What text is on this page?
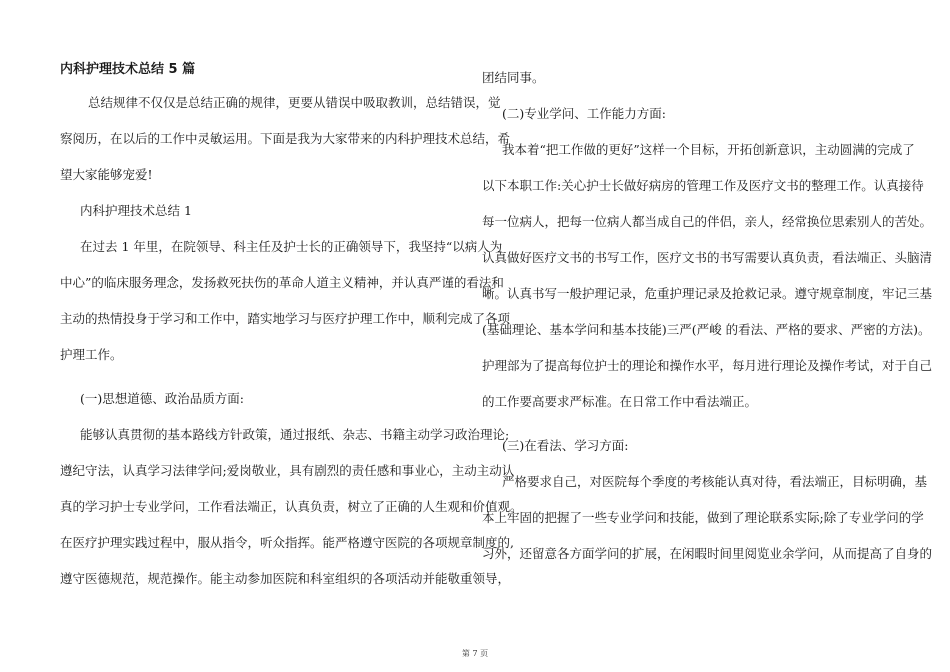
内科护理技术总结 5 篇
总结规律不仅仅是总结正确的规律，更要从错误中吸取教训，总结错误，觉
察阅历，在以后的工作中灵敏运用。下面是我为大家带来的内科护理技术总结，希
望大家能够宠爱!
内科护理技术总结 1
在过去 1 年里，在院领导、科主任及护士长的正确领导下，我坚持“以病人为
中心”的临床服务理念，发扬救死扶伤的革命人道主义精神，并认真严谨的看法和
主动的热情投身于学习和工作中，踏实地学习与医疗护理工作中，顺利完成了各项
护理工作。
(一)思想道德、政治品质方面:
能够认真贯彻的基本路线方针政策，通过报纸、杂志、书籍主动学习政治理论;
遵纪守法，认真学习法律学问;爱岗敬业，具有剧烈的责任感和事业心，主动主动认
真的学习护士专业学问，工作看法端正，认真负责，树立了正确的人生观和价值观。
在医疗护理实践过程中，服从指令，听众指挥。能严格遵守医院的各项规章制度的,
遵守医德规范，规范操作。能主动参加医院和科室组织的各项活动并能敬重领导，
团结同事。
(二)专业学问、工作能力方面:
我本着“把工作做的更好”这样一个目标，开拓创新意识，主动圆满的完成了
以下本职工作:关心护士长做好病房的管理工作及医疗文书的整理工作。认真接待
每一位病人，把每一位病人都当成自己的伴侣，亲人，经常换位思索别人的苦处。
认真做好医疗文书的书写工作，医疗文书的书写需要认真负责，看法端正、头脑清
晰。认真书写一般护理记录，危重护理记录及抢救记录。遵守规章制度，牢记三基
(基础理论、基本学问和基本技能)三严(严峻 的看法、严格的要求、严密的方法)。
护理部为了提高每位护士的理论和操作水平，每月进行理论及操作考试，对于自己
的工作要高要求严标准。在日常工作中看法端正。
(三)在看法、学习方面:
严格要求自己，对医院每个季度的考核能认真对待，看法端正，目标明确，基
本上牢固的把握了一些专业学问和技能，做到了理论联系实际;除了专业学问的学
习外，还留意各方面学问的扩展，在闲暇时间里阅览业余学问，从而提高了自身的
第 7 页
